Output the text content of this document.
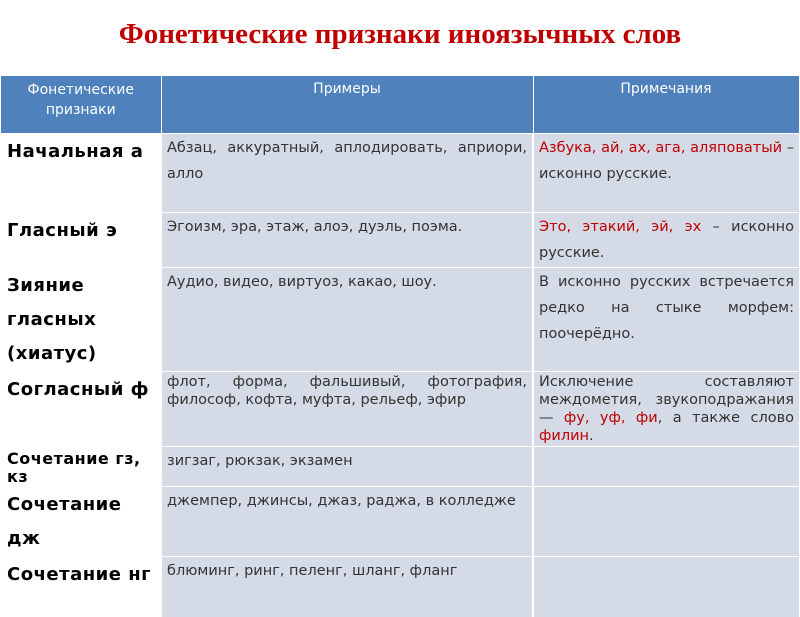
Фонетические признаки иноязычных слов
Фонетические признаки	Примеры	Примечания
Начальная а	Абзац, аккуратный, аплодировать, априори, алло	Азбука, ай, ах, ага, аляповатый – исконно русские.
Гласный э	Эгоизм, эра, этаж, алоэ, дуэль, поэма.	Это, этакий, эй, эх – исконно русские.
Зияние гласных (хиатус)	Аудио, видео, виртуоз, какао, шоу.	В исконно русских встречается редко на стыке морфем: поочерёдно.
Согласный ф	флот, форма, фальшивый, фотография, философ, кофта, муфта, рельеф, эфир	Исключение составляют междометия, звукоподражания — фу, уф, фи, а также слово филин.
Сочетание гз, кз	зигзаг, рюкзак, экзамен	
Сочетание дж	джемпер, джинсы, джаз, раджа, в колледже	
Сочетание нг	блюминг, ринг, пеленг, шланг, фланг	
